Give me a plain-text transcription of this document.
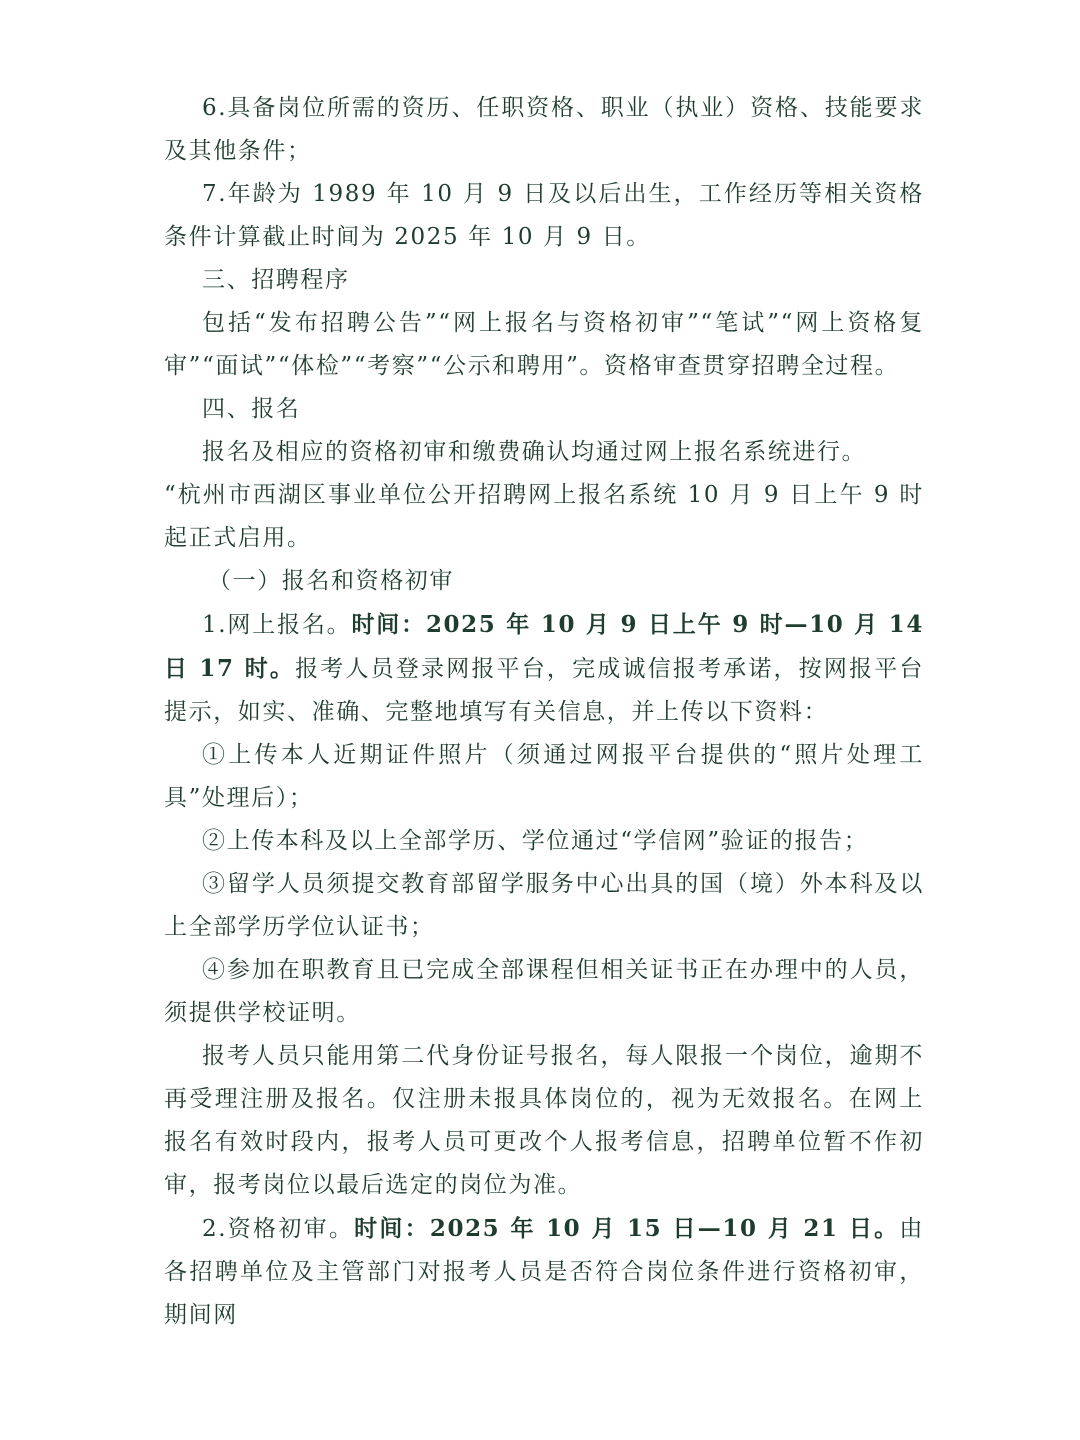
6.具备岗位所需的资历、任职资格、职业（执业）资格、技能要求及其他条件；

7.年龄为 1989 年 10 月 9 日及以后出生，工作经历等相关资格条件计算截止时间为 2025 年 10 月 9 日。

三、招聘程序

包括“发布招聘公告”“网上报名与资格初审”“笔试”“网上资格复审”“面试”“体检”“考察”“公示和聘用”。资格审查贯穿招聘全过程。

四、报名

报名及相应的资格初审和缴费确认均通过网上报名系统进行。

“杭州市西湖区事业单位公开招聘网上报名系统 10 月 9 日上午 9 时起正式启用。

（一）报名和资格初审

1.网上报名。时间：2025 年 10 月 9 日上午 9 时—10 月 14 日 17 时。报考人员登录网报平台，完成诚信报考承诺，按网报平台提示，如实、准确、完整地填写有关信息，并上传以下资料：

①上传本人近期证件照片（须通过网报平台提供的“照片处理工具”处理后）；

②上传本科及以上全部学历、学位通过“学信网”验证的报告；

③留学人员须提交教育部留学服务中心出具的国（境）外本科及以上全部学历学位认证书；

④参加在职教育且已完成全部课程但相关证书正在办理中的人员，须提供学校证明。

报考人员只能用第二代身份证号报名，每人限报一个岗位，逾期不再受理注册及报名。仅注册未报具体岗位的，视为无效报名。在网上报名有效时段内，报考人员可更改个人报考信息，招聘单位暂不作初审，报考岗位以最后选定的岗位为准。

2.资格初审。时间：2025 年 10 月 15 日—10 月 21 日。由各招聘单位及主管部门对报考人员是否符合岗位条件进行资格初审，期间网
